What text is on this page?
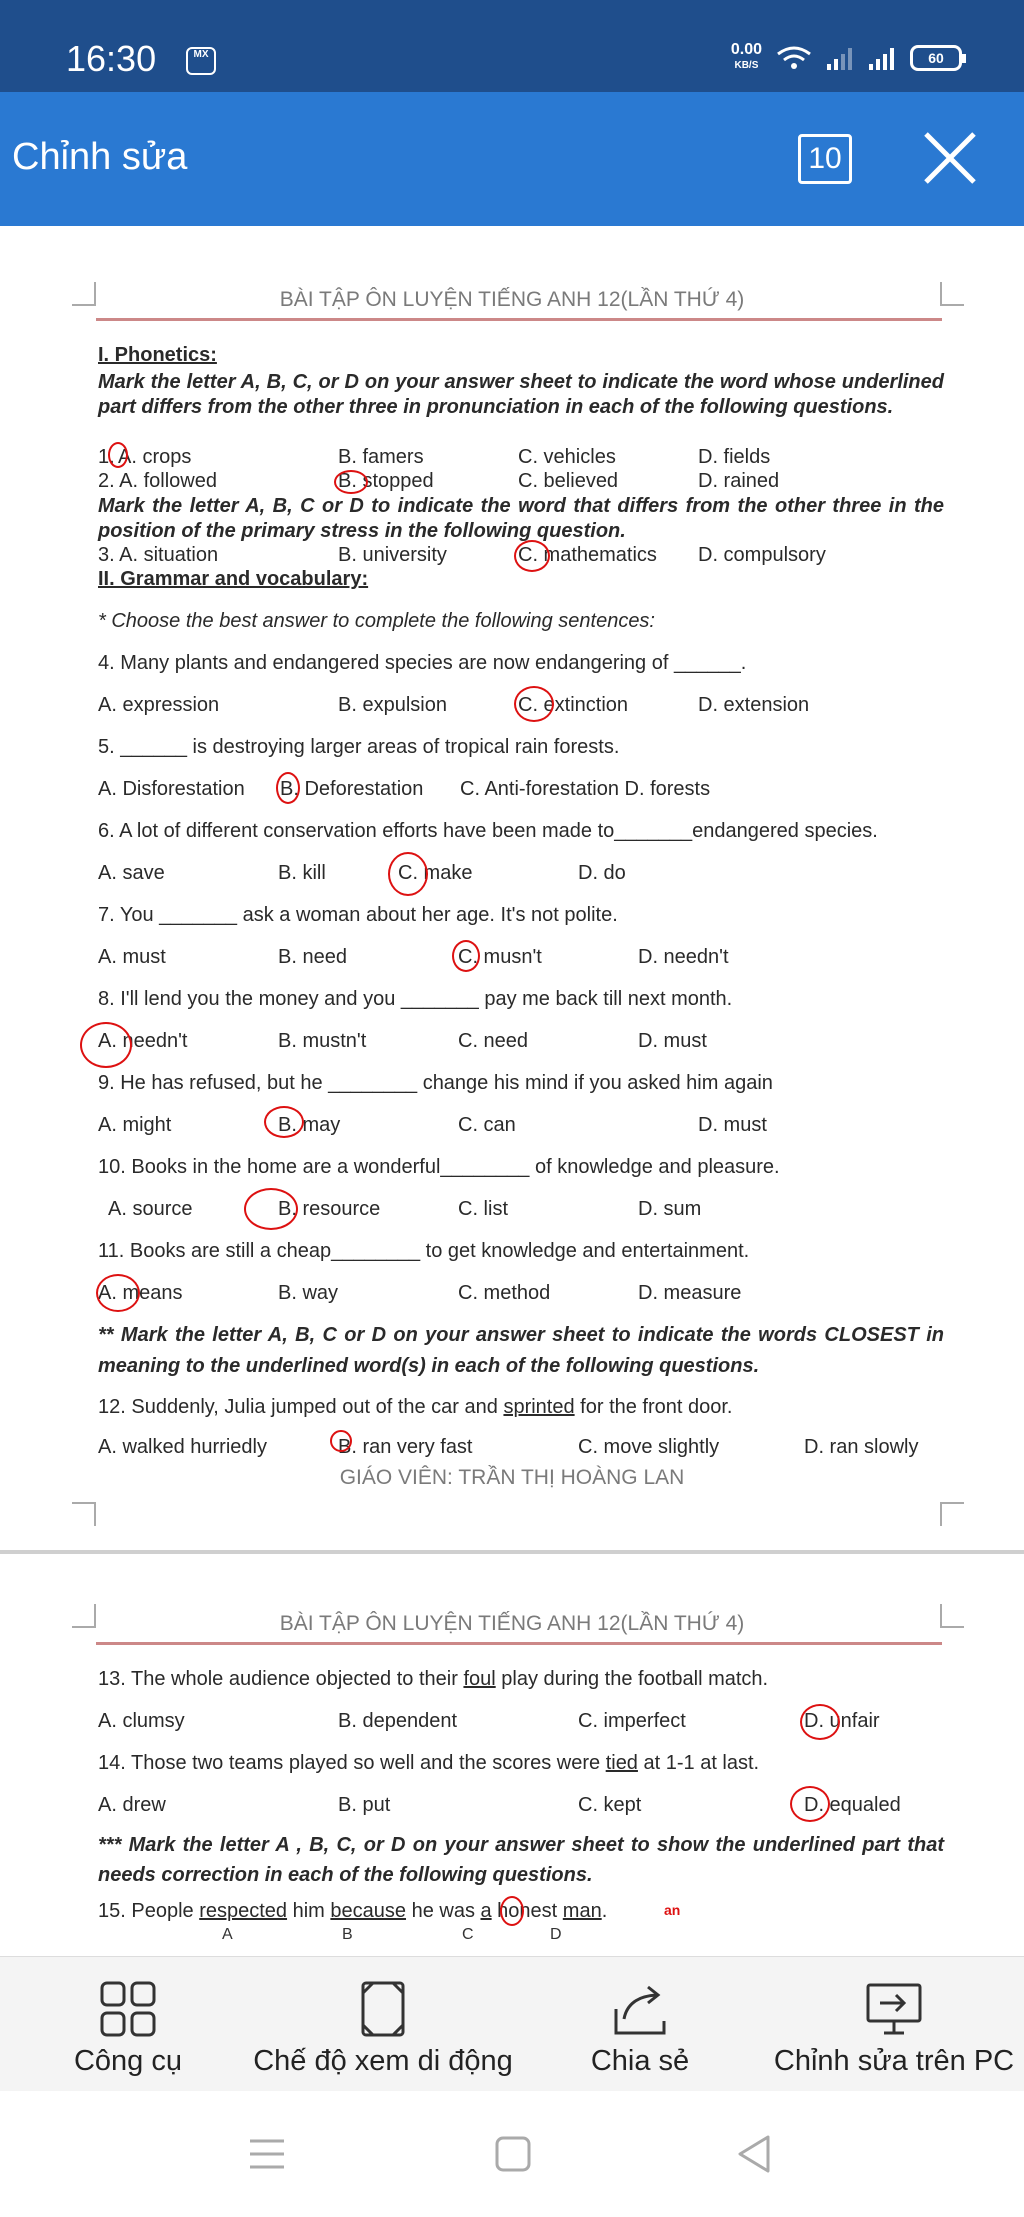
16:30	MX	0.00
KB/S	60
Chỉnh sửa	10
BÀI TẬP ÔN LUYỆN TIẾNG ANH 12(LẦN THỨ 4)
I. Phonetics:
Mark the letter A, B, C, or D on your answer sheet to indicate the word whose underlined part differs from the other three in pronunciation in each of the following questions.
1. A. crops	B. famers	C. vehicles	D. fields
2. A. followed	B. stopped	C. believed	D. rained
Mark the letter A, B, C or D to indicate the word that differs from the other three in the position of the primary stress in the following question.
3. A. situation	B. university	C. mathematics D. compulsory
II. Grammar and vocabulary:
* Choose the best answer to complete the following sentences:
4. Many plants and endangered species are now endangering of ______.
A. expression	B. expulsion	C. extinction	D. extension
5. ______ is destroying larger areas of tropical rain forests.
A. Disforestation B. Deforestation C. Anti-forestation D. forests
6. A lot of different conservation efforts have been made to_______endangered species.
A. save	B. kill	C. make	D. do
7. You _______ ask a woman about her age. It's not polite.
A. must	B. need	C. musn't	D. needn't
8. I'll lend you the money and you _______ pay me back till next month.
A. needn't	B. mustn't	C. need	D. must
9. He has refused, but he ________ change his mind if you asked him again
A. might	B. may	C. can	D. must
10. Books in the home are a wonderful________ of knowledge and pleasure.
A. source	B. resource	C. list	D. sum
11. Books are still a cheap________ to get knowledge and entertainment.
A. means	B. way	C. method	D. measure
** Mark the letter A, B, C or D on your answer sheet to indicate the words CLOSEST in meaning to the underlined word(s) in each of the following questions.
12. Suddenly, Julia jumped out of the car and sprinted for the front door.
A. walked hurriedly	B. ran very fast	C. move slightly	D. ran slowly
GIÁO VIÊN: TRẦN THỊ HOÀNG LAN
BÀI TẬP ÔN LUYỆN TIẾNG ANH 12(LẦN THỨ 4)
13. The whole audience objected to their foul play during the football match.
A. clumsy	B. dependent	C. imperfect	D. unfair
14. Those two teams played so well and the scores were tied at 1-1 at last.
A. drew	B. put	C. kept	D. equaled
*** Mark the letter A , B, C, or D on your answer sheet to show the underlined part that needs correction in each of the following questions.
15. People respected him because he was a honest man.	an
A	B	C	D
Công cụ	Chế độ xem di động	Chia sẻ	Chỉnh sửa trên PC
